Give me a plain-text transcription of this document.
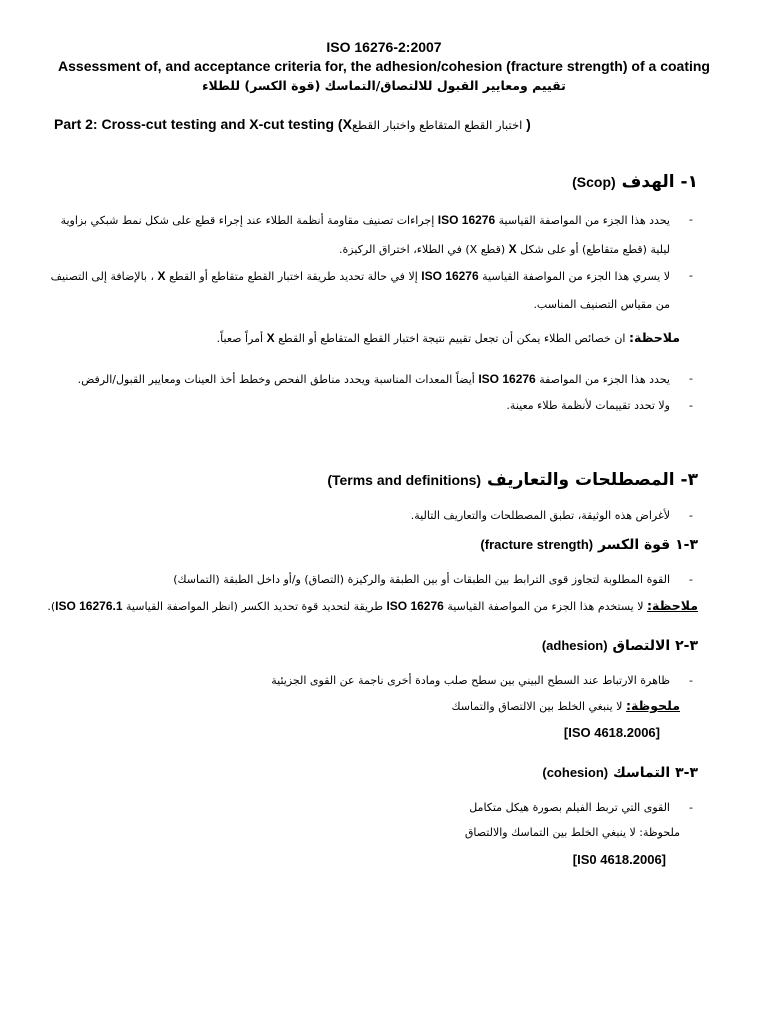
ISO 16276-2:2007
Assessment of, and acceptance criteria for, the adhesion/cohesion (fracture strength) of a coating
تقييم ومعايير القبول للالتصاق/التماسك (قوة الكسر) للطلاء
Part 2: Cross-cut testing and X-cut testing (Xاختبار القطع المتقاطع واختبار القطع )
١- الهدف (Scop)
-
يحدد هذا الجزء من المواصفة القياسية ISO 16276 إجراءات تصنيف مقاومة أنظمة الطلاء عند إجراء قطع على شكل نمط شبكي بزاوية ليلية (قطع متقاطع) أو على شكل X (قطع X) في الطلاء، اختراق الركيزة.
-
لا يسري هذا الجزء من المواصفة القياسية ISO 16276 إلا في حالة تحديد طريقة اختبار القطع متقاطع أو القطع X ، بالإضافة إلى التصنيف من مقياس التصنيف المناسب.
ملاحظة: ان خصائص الطلاء يمكن أن تجعل تقييم نتيجة اختبار القطع المتقاطع أو القطع X أمراً صعباً.
-
يحدد هذا الجزء من المواصفة ISO 16276 أيضاً المعدات المناسبة ويحدد مناطق الفحص وخطط أخذ العينات ومعايير القبول/الرفض.
-
ولا تحدد تقييمات لأنظمة طلاء معينة.
٣- المصطلحات والتعاريف (Terms and definitions)
-
لأغراض هذه الوثيقة، تطبق المصطلحات والتعاريف التالية.
٣-١ قوة الكسر (fracture strength)
-
القوة المطلوبة لتجاوز قوى الترابط بين الطبقات أو بين الطبقة والركيزة (التصاق) و/أو داخل الطبقة (التماسك)
ملاحظة: لا يستخدم هذا الجزء من المواصفة القياسية ISO 16276 طريقة لتحديد قوة تحديد الكسر (انظر المواصفة القياسية ISO 16276.1).
٣-٢ الالتصاق (adhesion)
-
ظاهرة الارتباط عند السطح البيني بين سطح صلب ومادة أخرى ناجمة عن القوى الجزيئية
ملحوظة: لا ينبغي الخلط بين الالتصاق والتماسك
[ISO 4618.2006]
٣-٣ التماسك (cohesion)
-
القوى التي تربط الفيلم بصورة هيكل متكامل
ملحوظة: لا ينبغي الخلط بين التماسك والالتصاق
[IS0 4618.2006]
